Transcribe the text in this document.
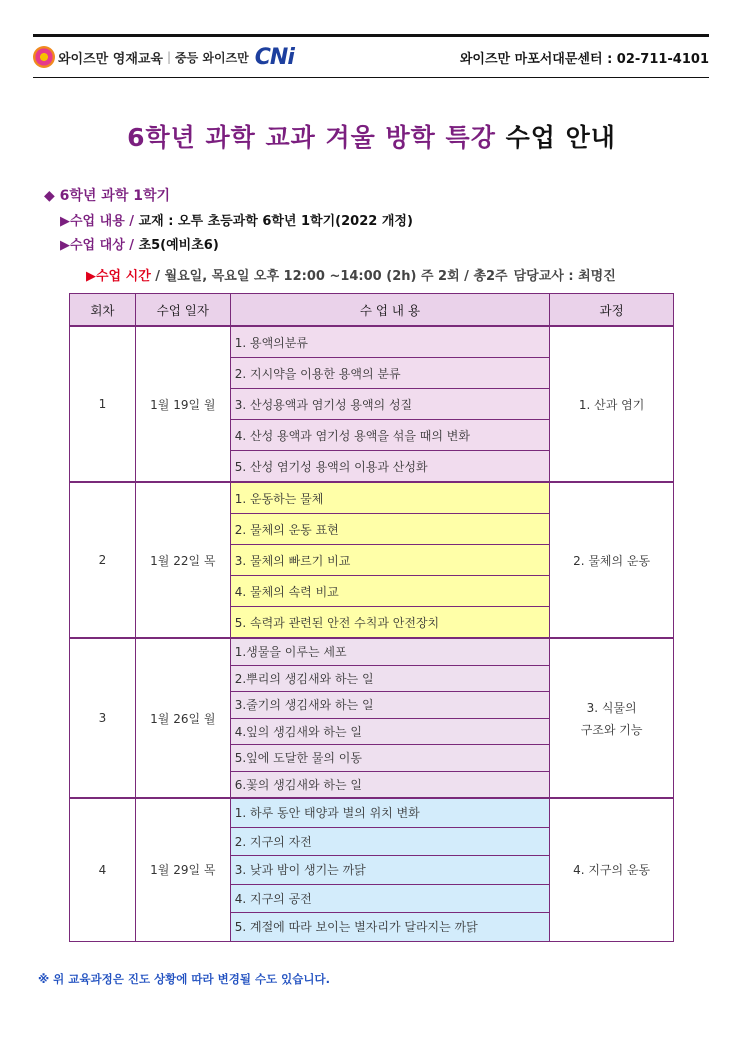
와이즈만 영재교육 | 중등 와이즈만 CNi	와이즈만 마포서대문센터 : 02-711-4101
6학년 과학 교과 겨울 방학 특강 수업 안내
◆ 6학년 과학 1학기
▶수업 내용 / 교재 : 오투 초등과학 6학년 1학기(2022 개정)
▶수업 대상 / 초5(예비초6)
▶수업 시간 / 월요일, 목요일 오후 12:00 ~14:00 (2h) 주 2회 / 총2주 담당교사 : 최명진
회차	수업 일자	수 업 내 용	과정
1	1월 19일 월	1. 용액의분류	1. 산과 염기
		2. 지시약을 이용한 용액의 분류	
		3. 산성용액과 염기성 용액의 성질	
		4. 산성 용액과 염기성 용액을 섞을 때의 변화	
		5. 산성 염기성 용액의 이용과 산성화	
2	1월 22일 목	1. 운동하는 물체	2. 물체의 운동
		2. 물체의 운동 표현	
		3. 물체의 빠르기 비교	
		4. 물체의 속력 비교	
		5. 속력과 관련된 안전 수칙과 안전장치	
3	1월 26일 월	1.생물을 이루는 세포	3. 식물의
구조와 기능

		2.뿌리의 생김새와 하는 일	
		3.줄기의 생김새와 하는 일	
		4.잎의 생김새와 하는 일	
		5.잎에 도달한 물의 이동	
		6.꽃의 생김새와 하는 일	
4	1월 29일 목	1. 하루 동안 태양과 별의 위치 변화	4. 지구의 운동
		2. 지구의 자전	
		3. 낮과 밤이 생기는 까닭	
		4. 지구의 공전	
		5. 계절에 따라 보이는 별자리가 달라지는 까닭	
※ 위 교육과정은 진도 상황에 따라 변경될 수도 있습니다.
